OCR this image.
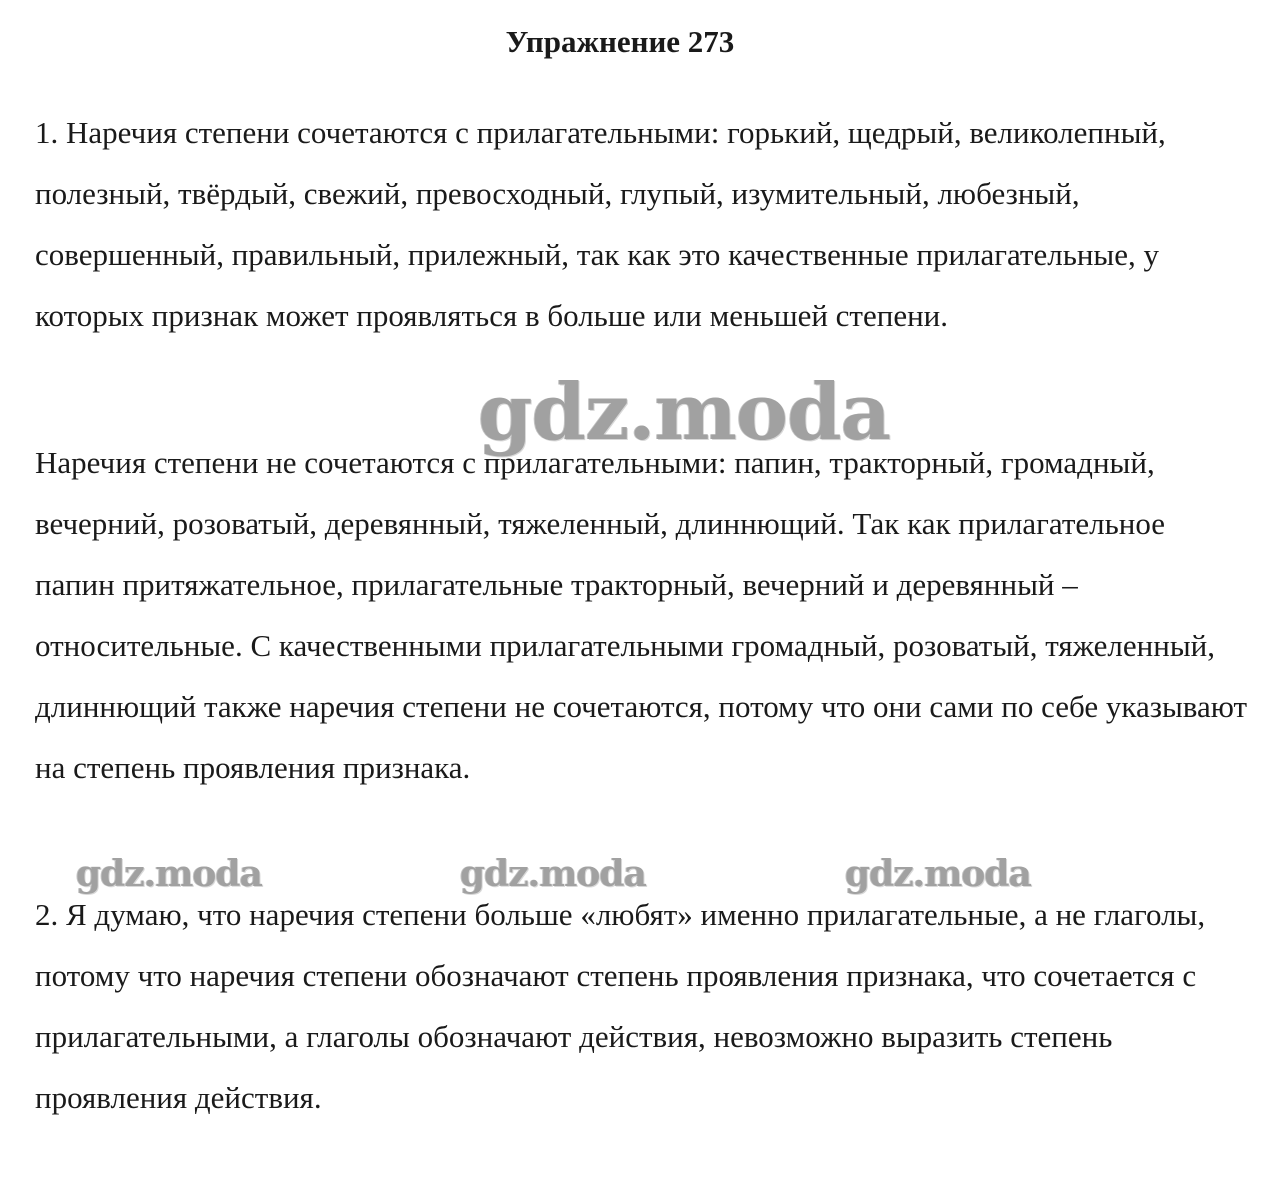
Упражнение 273

1. Наречия степени сочетаются с прилагательными: горький, щедрый, великолепный, полезный, твёрдый, свежий, превосходный, глупый, изумительный, любезный, совершенный, правильный, прилежный, так как это качественные прилагательные, у которых признак может проявляться в больше или меньшей степени.

Наречия степени не сочетаются с прилагательными: папин, тракторный, громадный, вечерний, розоватый, деревянный, тяжеленный, длиннющий. Так как прилагательное папин притяжательное, прилагательные тракторный, вечерний и деревянный – относительные. С качественными прилагательными громадный, розоватый, тяжеленный, длиннющий также наречия степени не сочетаются, потому что они сами по себе указывают на степень проявления признака.

2. Я думаю, что наречия степени больше «любят» именно прилагательные, а не глаголы, потому что наречия степени обозначают степень проявления признака, что сочетается с прилагательными, а глаголы обозначают действия, невозможно выразить степень проявления действия.

gdz.moda
gdz.moda	gdz.moda	gdz.moda
